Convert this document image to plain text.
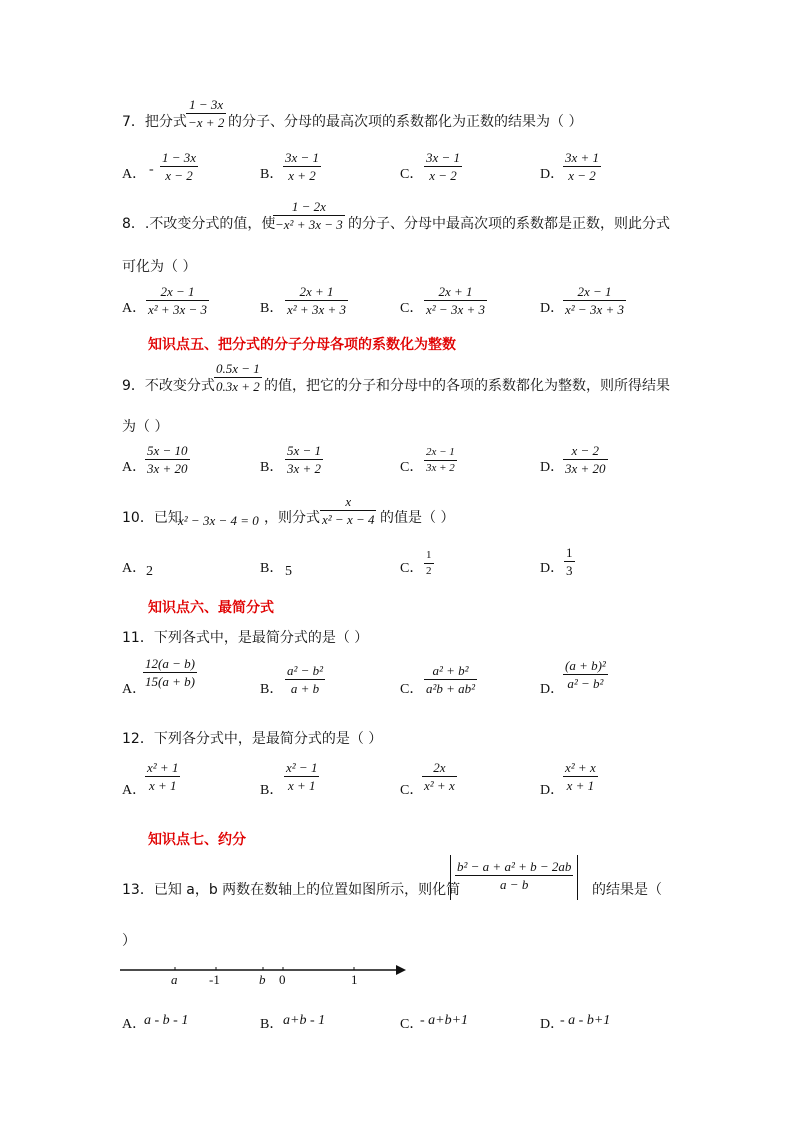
7．把分式
1 − 3x
−x + 2 的分子、分母的最高次项的系数都化为正数的结果为（ ）
A． -
1 − 3x
x − 2	B．
3x − 1
x + 2	C．
3x − 1
x − 2	D．
3x + 1
x − 2
8．.不改变分式的值，使
1 − 2x
−x² + 3x − 3 的分子、分母中最高次项的系数都是正数，则此分式
可化为（ ）
A．
2x − 1
x² + 3x − 3	B．
2x + 1
x² + 3x + 3	C．
2x + 1
x² − 3x + 3	D．
2x − 1
x² − 3x + 3
知识点五、把分式的分子分母各项的系数化为整数
9．不改变分式
0.5x − 1
0.3x + 2 的值，把它的分子和分母中的各项的系数都化为整数，则所得结果
为（ ）
A．
5x − 10
3x + 20	B．
5x − 1
3x + 2	C．
2x − 1
3x + 2	D．
x − 2
3x + 20
10．已知
x² − 3x − 4 = 0 ，则分式
x
x² − x − 4 的值是（ ）
A． 2	B． 5	C．
1
2	D．
1
3
知识点六、最简分式
11．下列各式中，是最简分式的是（ ）
A．
12(a − b)
15(a + b)
B．
a² − b²
a + b	C．
a² + b²
a²b + ab²	D．
(a + b)²
a² − b²
12．下列各分式中，是最简分式的是（ ）
A．
x² + 1
x + 1	B．
x² − 1
x + 1	C．
2x
x² + x	D．
x² + x
x + 1
知识点七、约分
13．已知 a，b 两数在数轴上的位置如图所示，则化简
b² − a + a² + b − 2ab
a − b	的结果是（
）
a -1	b 0	1
A．
a - b - 1	B． a+b - 1	C．
- a+b+1	D．
- a - b+1
